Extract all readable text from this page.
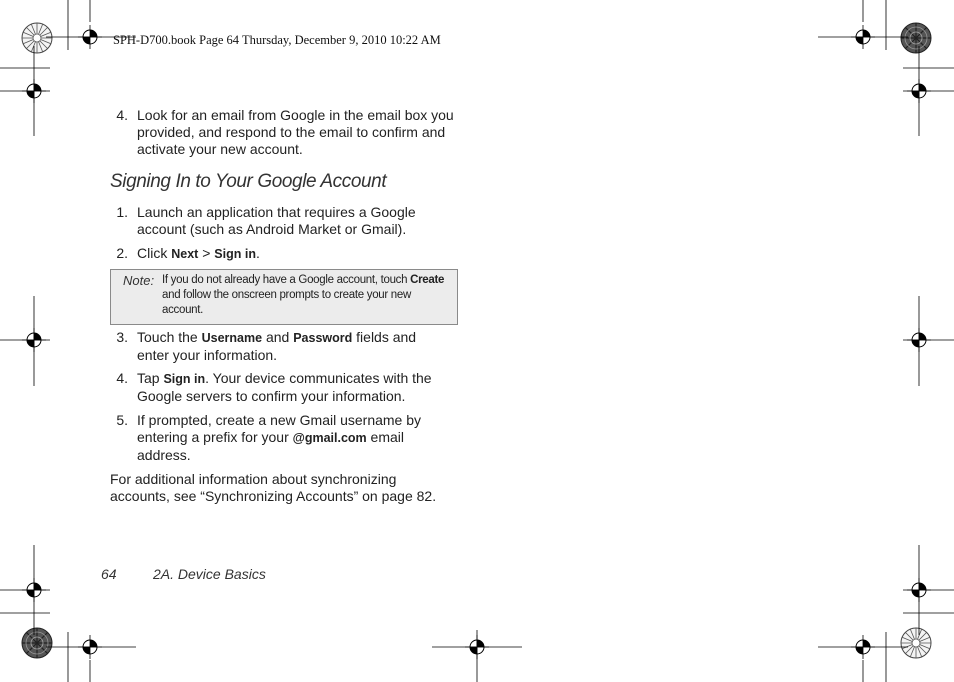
SPH-D700.book Page 64 Thursday, December 9, 2010 10:22 AM
4. Look for an email from Google in the email box you provided, and respond to the email to confirm and activate your new account.
Signing In to Your Google Account
1. Launch an application that requires a Google account (such as Android Market or Gmail).
2. Click Next > Sign in.
Note: If you do not already have a Google account, touch Create and follow the onscreen prompts to create your new account.
3. Touch the Username and Password fields and enter your information.
4. Tap Sign in. Your device communicates with the Google servers to confirm your information.
5. If prompted, create a new Gmail username by entering a prefix for your @gmail.com email address.
For additional information about synchronizing accounts, see “Synchronizing Accounts” on page 82.
64	2A. Device Basics
